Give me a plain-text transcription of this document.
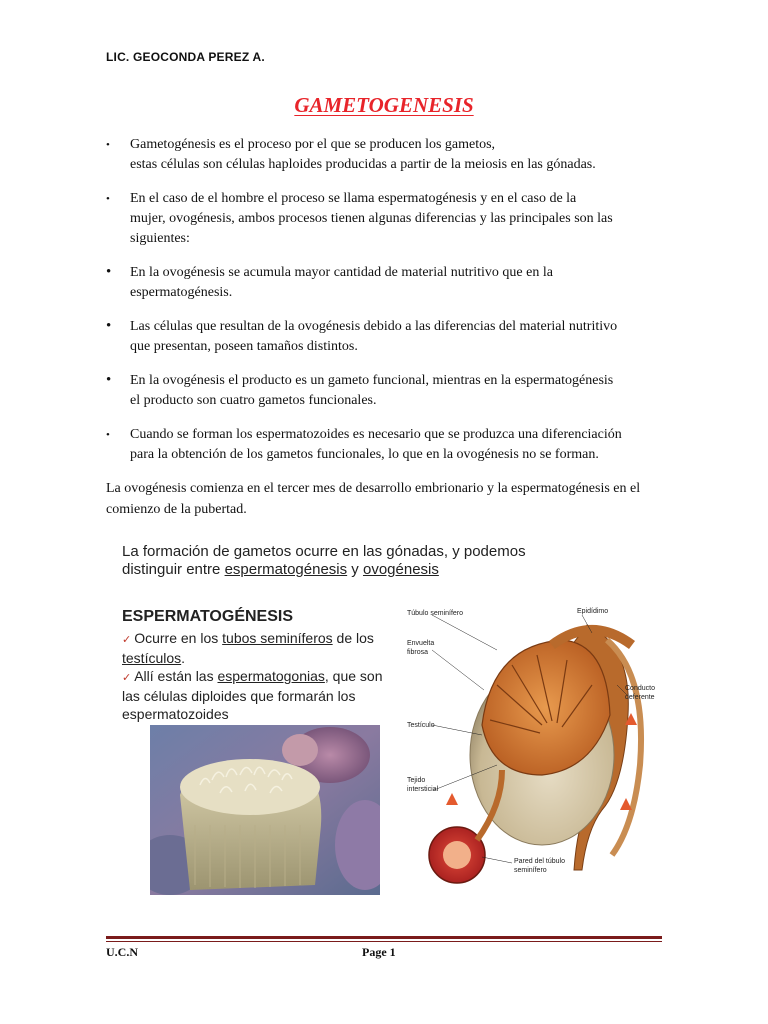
LIC. GEOCONDA PEREZ A.
GAMETOGENESIS
• Gametogénesis es el proceso por el que se producen los gametos,
estas células son células haploides producidas a partir de la meiosis en las gónadas.
• En el caso de el hombre el proceso se llama espermatogénesis y en el caso de la
mujer, ovogénesis, ambos procesos tienen algunas diferencias y las principales son las siguientes:
• En la ovogénesis se acumula mayor cantidad de material nutritivo que en la
espermatogénesis.
• Las células que resultan de la ovogénesis debido a las diferencias del material nutritivo
que presentan, poseen tamaños distintos.
• En la ovogénesis el producto es un gameto funcional, mientras en la espermatogénesis
el producto son cuatro gametos funcionales.
• Cuando se forman los espermatozoides es necesario que se produzca una diferenciación
para la obtención de los gametos funcionales, lo que en la ovogénesis no se forman.
La ovogénesis comienza en el tercer mes de desarrollo embrionario y la espermatogénesis en el comienzo de la pubertad.
La formación de gametos ocurre en las gónadas, y podemos
distinguir entre espermatogénesis y ovogénesis
ESPERMATOGÉNESIS
✓ Ocurre en los tubos seminíferos de los testículos.
✓ Allí están las espermatogonias, que son las células diploides que formarán los espermatozoides
Túbulo seminífero	Epidídimo
Envuelta
fibrosa
Conducto
deferente
Testículo
Tejido
intersticial
Pared del túbulo
seminífero
U.C.N	Page 1
